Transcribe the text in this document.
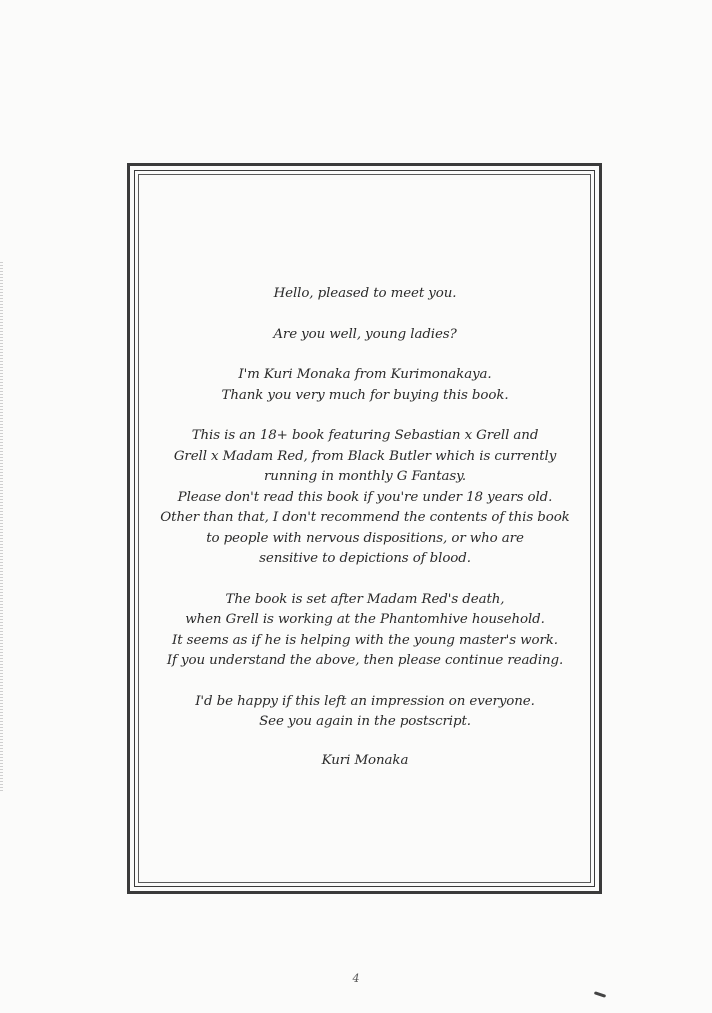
Hello, pleased to meet you.

Are you well, young ladies?

I'm Kuri Monaka from Kurimonakaya.
Thank you very much for buying this book.

This is an 18+ book featuring Sebastian x Grell and
Grell x Madam Red, from Black Butler which is currently
running in monthly G Fantasy.
Please don't read this book if you're under 18 years old.
Other than that, I don't recommend the contents of this book
to people with nervous dispositions, or who are
sensitive to depictions of blood.

The book is set after Madam Red's death,
when Grell is working at the Phantomhive household.
It seems as if he is helping with the young master's work.
If you understand the above, then please continue reading.

I'd be happy if this left an impression on everyone.
See you again in the postscript.

Kuri Monaka

4
